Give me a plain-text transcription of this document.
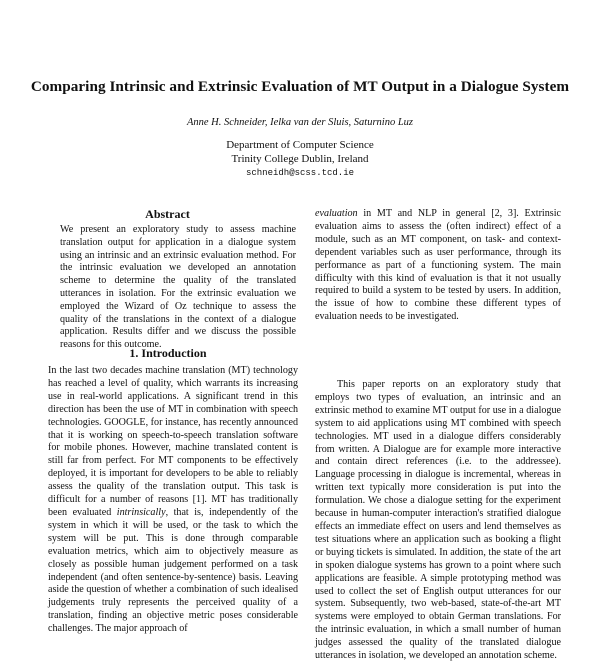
Comparing Intrinsic and Extrinsic Evaluation of MT Output in a Dialogue System
Anne H. Schneider, Ielka van der Sluis, Saturnino Luz
Department of Computer Science
Trinity College Dublin, Ireland
schneidh@scss.tcd.ie
Abstract

We present an exploratory study to assess machine translation output for application in a dialogue system using an intrinsic and an extrinsic evaluation method. For the intrinsic evaluation we developed an annotation scheme to determine the quality of the translated utterances in isolation. For the extrinsic evaluation we employed the Wizard of Oz technique to assess the quality of the translations in the context of a dialogue application. Results differ and we discuss the possible reasons for this outcome.

1. Introduction

In the last two decades machine translation (MT) technology has reached a level of quality, which warrants its increasing use in real-world applications. A significant trend in this direction has been the use of MT in combination with speech technologies. GOOGLE, for instance, has recently announced that it is working on speech-to-speech translation software for mobile phones. However, machine translated content is still far from perfect. For MT components to be effectively deployed, it is important for developers to be able to reliably assess the quality of the translation output. This task is difficult for a number of reasons [1]. MT has traditionally been evaluated intrinsically, that is, independently of the system in which it will be used, or the task to which the system will be put. This is done through comparable evaluation metrics, which aim to objectively measure as closely as possible human judgement performed on a task independent (and often sentence-by-sentence) basis. Leaving aside the question of whether a combination of such idealised judgements truly represents the perceived quality of a translation, finding an objective metric poses considerable challenges. The major approach of

evaluation in MT and NLP in general [2, 3]. Extrinsic evaluation aims to assess the (often indirect) effect of a module, such as an MT component, on task- and context-dependent variables such as user performance, through its performance as part of a functioning system. The main difficulty with this kind of evaluation is that it not usually required to build a system to be tested by users. In addition, the issue of how to combine these different types of evaluation needs to be investigated.

This paper reports on an exploratory study that employs two types of evaluation, an intrinsic and an extrinsic method to examine MT output for use in a dialogue system to aid applications using MT combined with speech technologies. MT used in a dialogue differs considerably from written. A Dialogue are for example more interactive and contain direct references (i.e. to the addressee). Language processing in dialogue is incremental, whereas in written text typically more consideration is put into the formulation. We chose a dialogue setting for the experiment because in human-computer interaction's stratified dialogue effects an immediate effect on users and lend themselves as test situations where an application such as booking a flight or buying tickets is simulated. In addition, the state of the art in spoken dialogue systems has grown to a point where such applications are feasible. A simple prototyping method was used to collect the set of English output utterances for our system. Subsequently, two web-based, state-of-the-art MT systems were employed to obtain German translations. For the intrinsic evaluation, in which a small number of human judges assessed the quality of the translated dialogue utterances in isolation, we developed an annotation scheme.
